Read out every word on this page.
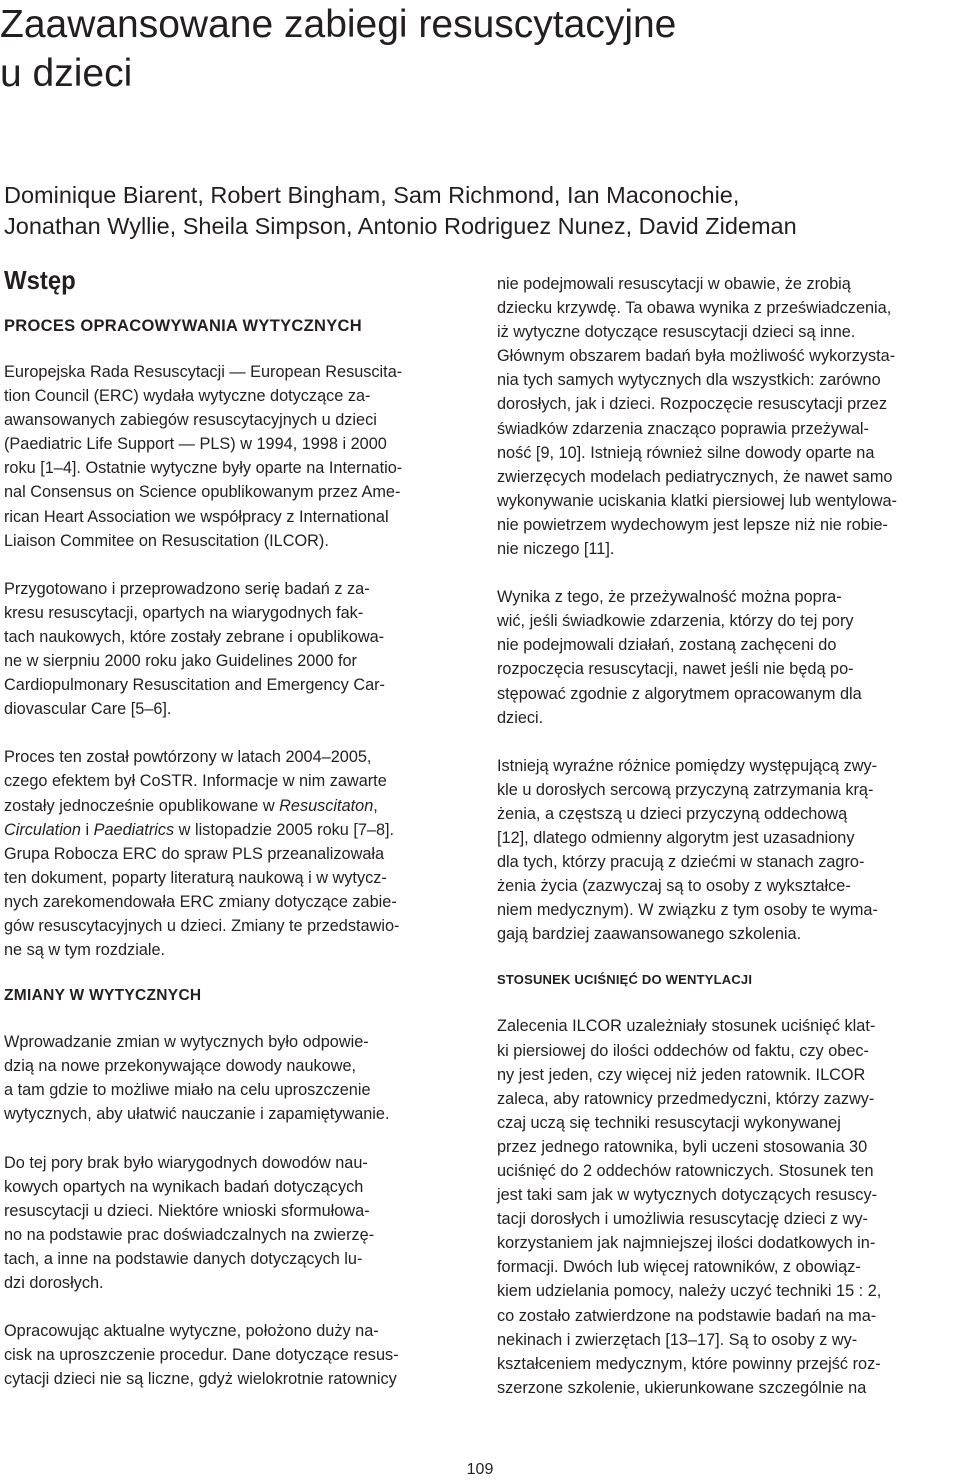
Zaawansowane zabiegi resuscytacyjne
u dzieci
Dominique Biarent, Robert Bingham, Sam Richmond, Ian Maconochie,
Jonathan Wyllie, Sheila Simpson, Antonio Rodriguez Nunez, David Zideman
Wstęp
PROCES OPRACOWYWANIA WYTYCZNYCH

Europejska Rada Resuscytacji — European Resuscita-
tion Council (ERC) wydała wytyczne dotyczące za-
awansowanych zabiegów resuscytacyjnych u dzieci
(Paediatric Life Support — PLS) w 1994, 1998 i 2000
roku [1–4]. Ostatnie wytyczne były oparte na Internatio-
nal Consensus on Science opublikowanym przez Ame-
rican Heart Association we współpracy z International
Liaison Commitee on Resuscitation (ILCOR).

Przygotowano i przeprowadzono serię badań z za-
kresu resuscytacji, opartych na wiarygodnych fak-
tach naukowych, które zostały zebrane i opublikowa-
ne w sierpniu 2000 roku jako Guidelines 2000 for
Cardiopulmonary Resuscitation and Emergency Car-
diovascular Care [5–6].

Proces ten został powtórzony w latach 2004–2005,
czego efektem był CoSTR. Informacje w nim zawarte
zostały jednocześnie opublikowane w Resuscitaton,
Circulation i Paediatrics w listopadzie 2005 roku [7–8].
Grupa Robocza ERC do spraw PLS przeanalizowała
ten dokument, poparty literaturą naukową i w wytycz-
nych zarekomendowała ERC zmiany dotyczące zabie-
gów resuscytacyjnych u dzieci. Zmiany te przedstawio-
ne są w tym rozdziale.

ZMIANY W WYTYCZNYCH

Wprowadzanie zmian w wytycznych było odpowie-
dzią na nowe przekonywające dowody naukowe,
a tam gdzie to możliwe miało na celu uproszczenie
wytycznych, aby ułatwić nauczanie i zapamiętywanie.

Do tej pory brak było wiarygodnych dowodów nau-
kowych opartych na wynikach badań dotyczących
resuscytacji u dzieci. Niektóre wnioski sformułowa-
no na podstawie prac doświadczalnych na zwierzę-
tach, a inne na podstawie danych dotyczących lu-
dzi dorosłych.

Opracowując aktualne wytyczne, położono duży na-
cisk na uproszczenie procedur. Dane dotyczące resus-
cytacji dzieci nie są liczne, gdyż wielokrotnie ratownicy

nie podejmowali resuscytacji w obawie, że zrobią
dziecku krzywdę. Ta obawa wynika z przeświadczenia,
iż wytyczne dotyczące resuscytacji dzieci są inne.
Głównym obszarem badań była możliwość wykorzysta-
nia tych samych wytycznych dla wszystkich: zarówno
dorosłych, jak i dzieci. Rozpoczęcie resuscytacji przez
świadków zdarzenia znacząco poprawia przeżywal-
ność [9, 10]. Istnieją również silne dowody oparte na
zwierzęcych modelach pediatrycznych, że nawet samo
wykonywanie uciskania klatki piersiowej lub wentylowa-
nie powietrzem wydechowym jest lepsze niż nie robie-
nie niczego [11].

Wynika z tego, że przeżywalność można popra-
wić, jeśli świadkowie zdarzenia, którzy do tej pory
nie podejmowali działań, zostaną zachęceni do
rozpoczęcia resuscytacji, nawet jeśli nie będą po-
stępować zgodnie z algorytmem opracowanym dla
dzieci.

Istnieją wyraźne różnice pomiędzy występującą zwy-
kle u dorosłych sercową przyczyną zatrzymania krą-
żenia, a częstszą u dzieci przyczyną oddechową
[12], dlatego odmienny algorytm jest uzasadniony
dla tych, którzy pracują z dziećmi w stanach zagro-
żenia życia (zazwyczaj są to osoby z wykształce-
niem medycznym). W związku z tym osoby te wyma-
gają bardziej zaawansowanego szkolenia.

STOSUNEK UCIŚNIĘĆ DO WENTYLACJI

Zalecenia ILCOR uzależniały stosunek uciśnięć klat-
ki piersiowej do ilości oddechów od faktu, czy obec-
ny jest jeden, czy więcej niż jeden ratownik. ILCOR
zaleca, aby ratownicy przedmedyczni, którzy zazwy-
czaj uczą się techniki resuscytacji wykonywanej
przez jednego ratownika, byli uczeni stosowania 30
uciśnięć do 2 oddechów ratowniczych. Stosunek ten
jest taki sam jak w wytycznych dotyczących resuscy-
tacji dorosłych i umożliwia resuscytację dzieci z wy-
korzystaniem jak najmniejszej ilości dodatkowych in-
formacji. Dwóch lub więcej ratowników, z obowiąz-
kiem udzielania pomocy, należy uczyć techniki 15 : 2,
co zostało zatwierdzone na podstawie badań na ma-
nekinach i zwierzętach [13–17]. Są to osoby z wy-
kształceniem medycznym, które powinny przejść roz-
szerzone szkolenie, ukierunkowane szczególnie na

109
